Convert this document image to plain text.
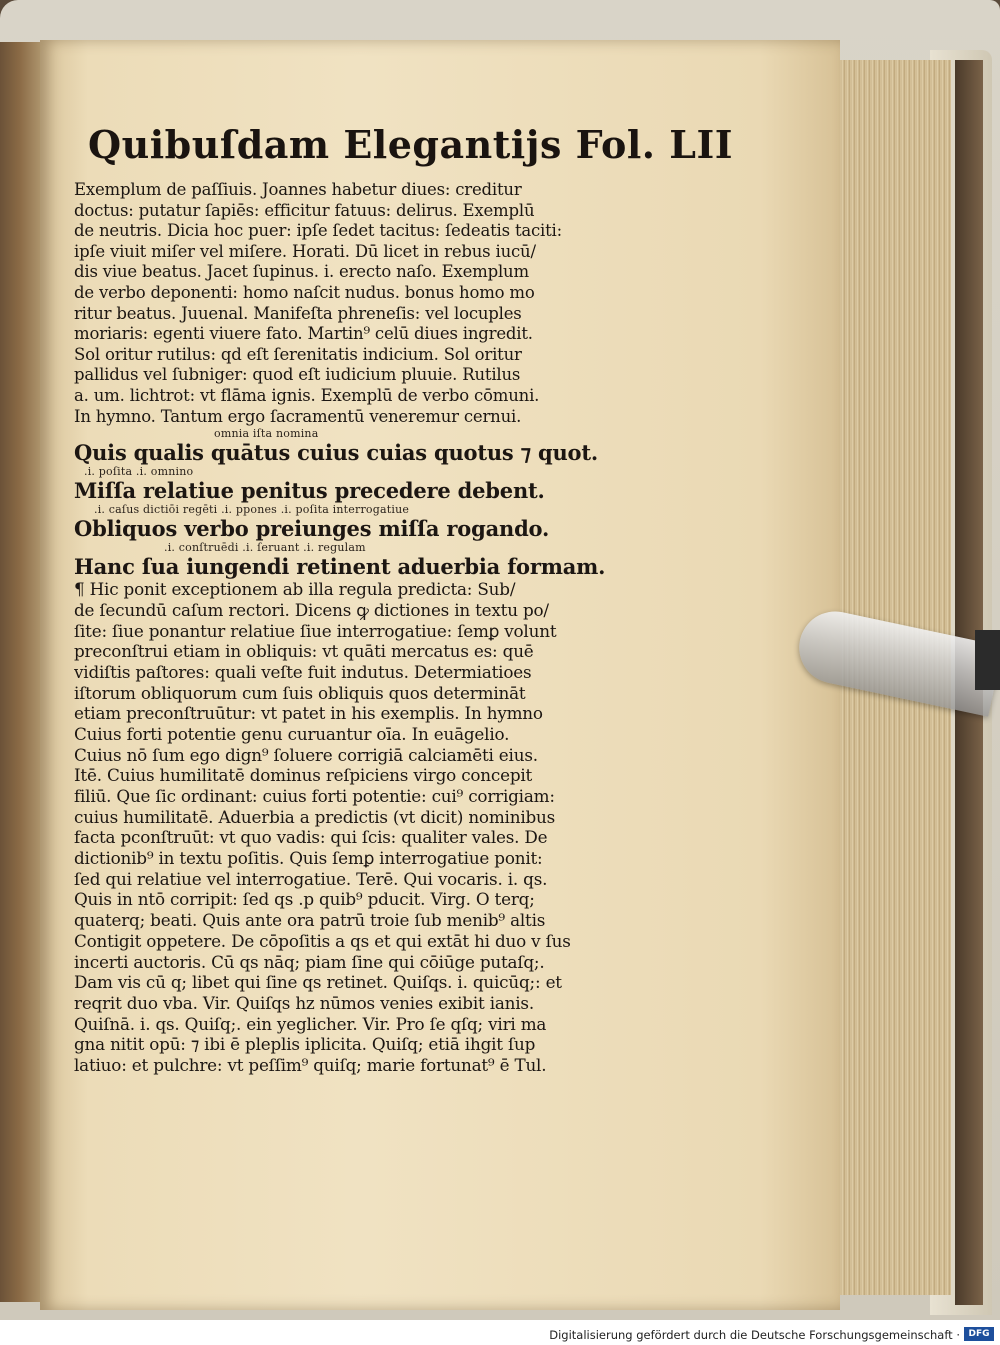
Quibuſdam Elegantijs Fol. LII
Exemplum de paſſiuis. Joannes habetur diues: creditur
doctus: putatur ſapiēs: efficitur fatuus: delirus. Exemplū
de neutris. Dicia hoc puer: ipſe ſedet tacitus: ſedeatis taciti:
ipſe viuit miſer vel miſere. Horati. Dū licet in rebus iucū/
dis viue beatus. Jacet ſupinus. i. erecto naſo. Exemplum
de verbo deponenti: homo naſcit nudus. bonus homo mo
ritur beatus. Juuenal. Manifeſta phreneſis: vel locuples
moriaris: egenti viuere fato. Martin⁹ celū diues ingredit.
Sol oritur rutilus: qd̄ eſt ſerenitatis indicium. Sol oritur
pallidus vel ſubniger: quod eſt iudicium pluuie. Rutilus
a. um. lichtrot: vt flāma ignis. Exemplū de verbo cōmuni.
In hymno. Tantum ergo ſacramentū veneremur cernui.
omnia iſta nomina
Quis qualis quātus cuius cuias quotus ⁊ quot.
.i. poſita .i. omnino
Miſſa relatiue penitus precedere debent.
.i. caſus dictiōi regēti .i. ppones .i. poſita interrogatiue
Obliquos verbo preiunges miſſa rogando.
.i. conſtruēdi .i. ſeruant .i. regulam
Hanc ſua iungendi retinent aduerbia formam.
¶ Hic ponit exceptionem ab illa regula predicta: Sub/
de ſecundū caſum rectori. Dicens ꝙ dictiones in textu po/
ſite: ſiue ponantur relatiue ſiue interrogatiue: ſemꝑ volunt
preconſtrui etiam in obliquis: vt quāti mercatus es: quē
vidiſtis paſtores: quali veſte fuit indutus. Determiatioes
iſtorum obliquorum cum ſuis obliquis quos determināt
etiam preconſtruūtur: vt patet in his exemplis. In hymno
Cuius forti potentie genu curuantur oīa. In euāgelio.
Cuius nō ſum ego dign⁹ ſoluere corrigiā calciamēti eius.
Itē. Cuius humilitatē dominus reſpiciens virgo concepit
filiū. Que ſic ordinant: cuius forti potentie: cui⁹ corrigiam:
cuius humilitatē. Aduerbia a predictis (vt dicit) nominibus
facta pconſtruūt: vt quo vadis: qui ſcis: qualiter vales. De
dictionib⁹ in textu poſitis. Quis ſemꝑ interrogatiue ponit:
ſed qui relatiue vel interrogatiue. Terē. Qui vocaris. i. qs.
Quis in ntō corripit: ſed qs .p quib⁹ pducit. Virg. O terq;
quaterq; beati. Quis ante ora patrū troie ſub menib⁹ altis
Contigit oppetere. De cōpoſitis a qs et qui extāt hi duo v ſus
incerti auctoris. Cū qs nāq; piam ſine qui cōiūge putaſq;.
Dam vis cū q; libet qui ſine qs retinet. Quiſqs. i. quicūq;: et
reqrit duo vba. Vir. Quiſqs hz nūmos venies exibit ianis.
Quiſnā. i. qs. Quiſq;. ein yeglicher. Vir. Pro ſe qſq; viri ma
gna nitit opū: ⁊ ibi ē pleplis iplicita. Quiſq; etiā ihgit ſup
latiuo: et pulchre: vt peſſim⁹ quiſq; marie fortunat⁹ ē Tul.
Digitalisierung gefördert durch die Deutsche Forschungsgemeinschaft · DFG
